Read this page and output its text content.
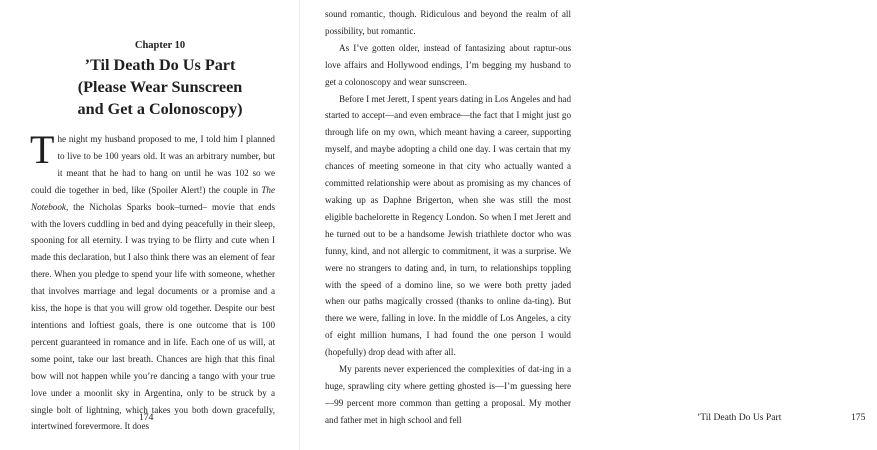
Chapter 10
’Til Death Do Us Part
(Please Wear Sunscreen
and Get a Colonoscopy)

The night my husband proposed to me, I told him I planned to live to be 100 years old. It was an arbitrary number, but it meant that he had to hang on until he was 102 so we could die together in bed, like (Spoiler Alert!) the couple in The Notebook, the Nicholas Sparks book–turned– movie that ends with the lovers cuddling in bed and dying peacefully in their sleep, spooning for all eternity. I was trying to be flirty and cute when I made this declaration, but I also think there was an element of fear there. When you pledge to spend your life with someone, whether that involves marriage and legal documents or a promise and a kiss, the hope is that you will grow old together. Despite our best intentions and loftiest goals, there is one outcome that is 100 percent guaranteed in romance and in life. Each one of us will, at some point, take our last breath. Chances are high that this final bow will not happen while you’re dancing a tango with your true love under a moonlit sky in Argentina, only to be struck by a single bolt of lightning, which takes you both down gracefully, intertwined forevermore. It does

174

sound romantic, though. Ridiculous and beyond the realm of all possibility, but romantic.

As I’ve gotten older, instead of fantasizing about raptur-ous love affairs and Hollywood endings, I’m begging my husband to get a colonoscopy and wear sunscreen.

Before I met Jerett, I spent years dating in Los Angeles and had started to accept—and even embrace—the fact that I might just go through life on my own, which meant having a career, supporting myself, and maybe adopting a child one day. I was certain that my chances of meeting someone in that city who actually wanted a committed relationship were about as promising as my chances of waking up as Daphne Brigerton, when she was still the most eligible bachelorette in Regency London. So when I met Jerett and he turned out to be a handsome Jewish triathlete doctor who was funny, kind, and not allergic to commitment, it was a surprise. We were no strangers to dating and, in turn, to relationships toppling with the speed of a domino line, so we were both pretty jaded when our paths magically crossed (thanks to online da-ting). But there we were, falling in love. In the middle of Los Angeles, a city of eight million humans, I had found the one person I would (hopefully) drop dead with after all.

My parents never experienced the complexities of dat-ing in a huge, sprawling city where getting ghosted is—I’m guessing here—99 percent more common than getting a proposal. My mother and father met in high school and fell	’Til Death Do Us Part	175
